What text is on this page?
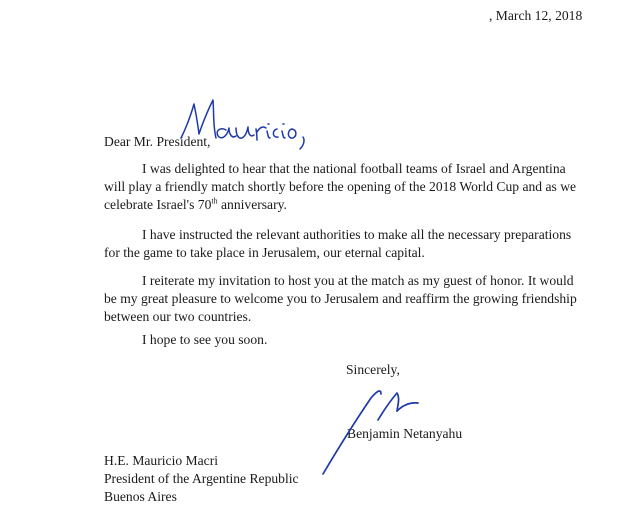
, March 12, 2018
Dear Mr. President,
I was delighted to hear that the national football teams of Israel and Argentina
will play a friendly match shortly before the opening of the 2018 World Cup and as we
celebrate Israel's 70th anniversary.
I have instructed the relevant authorities to make all the necessary preparations
for the game to take place in Jerusalem, our eternal capital.
I reiterate my invitation to host you at the match as my guest of honor. It would
be my great pleasure to welcome you to Jerusalem and reaffirm the growing friendship
between our two countries.
I hope to see you soon.
Sincerely,
Benjamin Netanyahu
H.E. Mauricio Macri
President of the Argentine Republic
Buenos Aires
